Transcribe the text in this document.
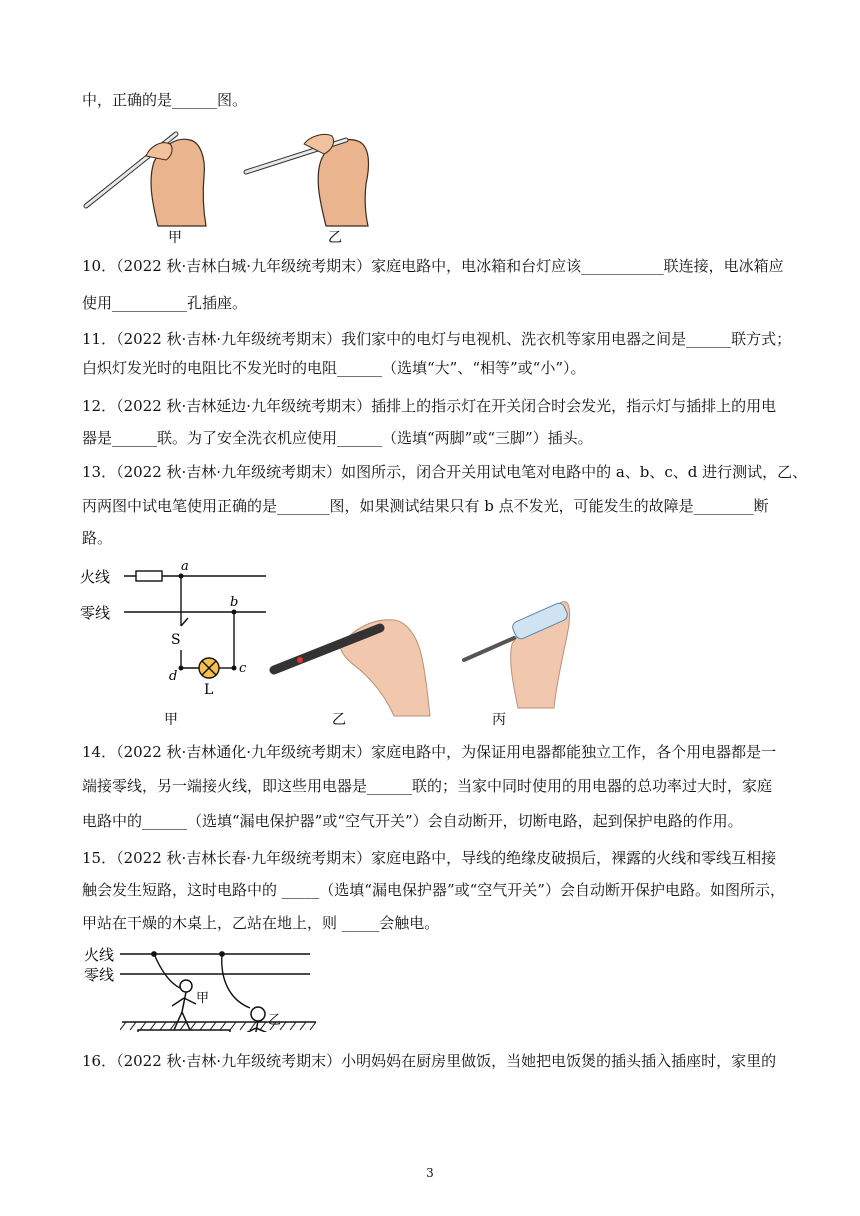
中，正确的是______图。
甲	乙
10．（2022 秋·吉林白城·九年级统考期末）家庭电路中，电冰箱和台灯应该___________联连接，电冰箱应
使用__________孔插座。
11．（2022 秋·吉林·九年级统考期末）我们家中的电灯与电视机、洗衣机等家用电器之间是______联方式；
白炽灯发光时的电阻比不发光时的电阻______（选填“大”、“相等”或“小”）。
12．（2022 秋·吉林延边·九年级统考期末）插排上的指示灯在开关闭合时会发光，指示灯与插排上的用电
器是______联。为了安全洗衣机应使用______（选填“两脚”或“三脚”）插头。
13．（2022 秋·吉林·九年级统考期末）如图所示，闭合开关用试电笔对电路中的 a、b、c、d 进行测试，乙、
丙两图中试电笔使用正确的是_______图，如果测试结果只有 b 点不发光，可能发生的故障是________断
路。
火线
零线
a
b
c
d
S
L
甲	乙	丙
14．（2022 秋·吉林通化·九年级统考期末）家庭电路中，为保证用电器都能独立工作，各个用电器都是一
端接零线，另一端接火线，即这些用电器是______联的；当家中同时使用的用电器的总功率过大时，家庭
电路中的______（选填“漏电保护器”或“空气开关”）会自动断开，切断电路，起到保护电路的作用。
15．（2022 秋·吉林长春·九年级统考期末）家庭电路中，导线的绝缘皮破损后，裸露的火线和零线互相接
触会发生短路，这时电路中的 _____（选填“漏电保护器”或“空气开关”）会自动断开保护电路。如图所示，
甲站在干燥的木桌上，乙站在地上，则 _____会触电。
火线
零线
甲
乙
16．（2022 秋·吉林·九年级统考期末）小明妈妈在厨房里做饭，当她把电饭煲的插头插入插座时，家里的
3
